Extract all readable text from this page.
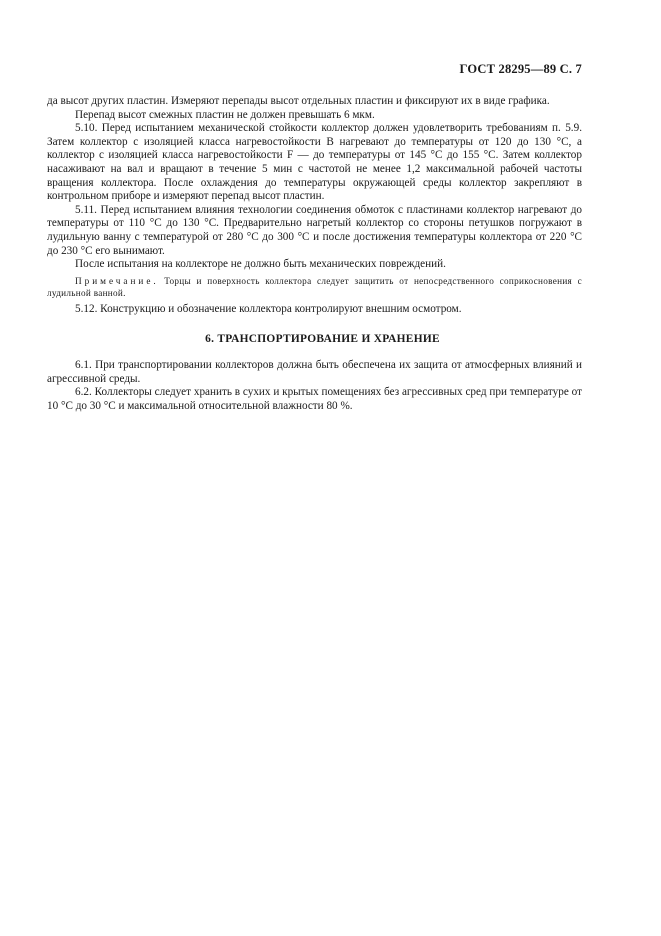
ГОСТ 28295—89 С. 7

да высот других пластин. Измеряют перепады высот отдельных пластин и фиксируют их в виде графика.

Перепад высот смежных пластин не должен превышать 6 мкм.

5.10. Перед испытанием механической стойкости коллектор должен удовлетворить требованиям п. 5.9. Затем коллектор с изоляцией класса нагревостойкости В нагревают до температуры от 120 до 130 °С, а коллектор с изоляцией класса нагревостойкости F — до температуры от 145 °С до 155 °С. Затем коллектор насаживают на вал и вращают в течение 5 мин с частотой не менее 1,2 максимальной рабочей частоты вращения коллектора. После охлаждения до температуры окружающей среды коллектор закрепляют в контрольном приборе и измеряют перепад высот пластин.

5.11. Перед испытанием влияния технологии соединения обмоток с пластинами коллектор нагревают до температуры от 110 °С до 130 °С. Предварительно нагретый коллектор со стороны петушков погружают в лудильную ванну с температурой от 280 °С до 300 °С и после достижения температуры коллектора от 220 °С до 230 °С его вынимают.

После испытания на коллекторе не должно быть механических повреждений.

Примечание. Торцы и поверхность коллектора следует защитить от непосредственного соприкосновения с лудильной ванной.

5.12. Конструкцию и обозначение коллектора контролируют внешним осмотром.

6. ТРАНСПОРТИРОВАНИЕ И ХРАНЕНИЕ

6.1. При транспортировании коллекторов должна быть обеспечена их защита от атмосферных влияний и агрессивной среды.

6.2. Коллекторы следует хранить в сухих и крытых помещениях без агрессивных сред при температуре от 10 °С до 30 °С и максимальной относительной влажности 80 %.
